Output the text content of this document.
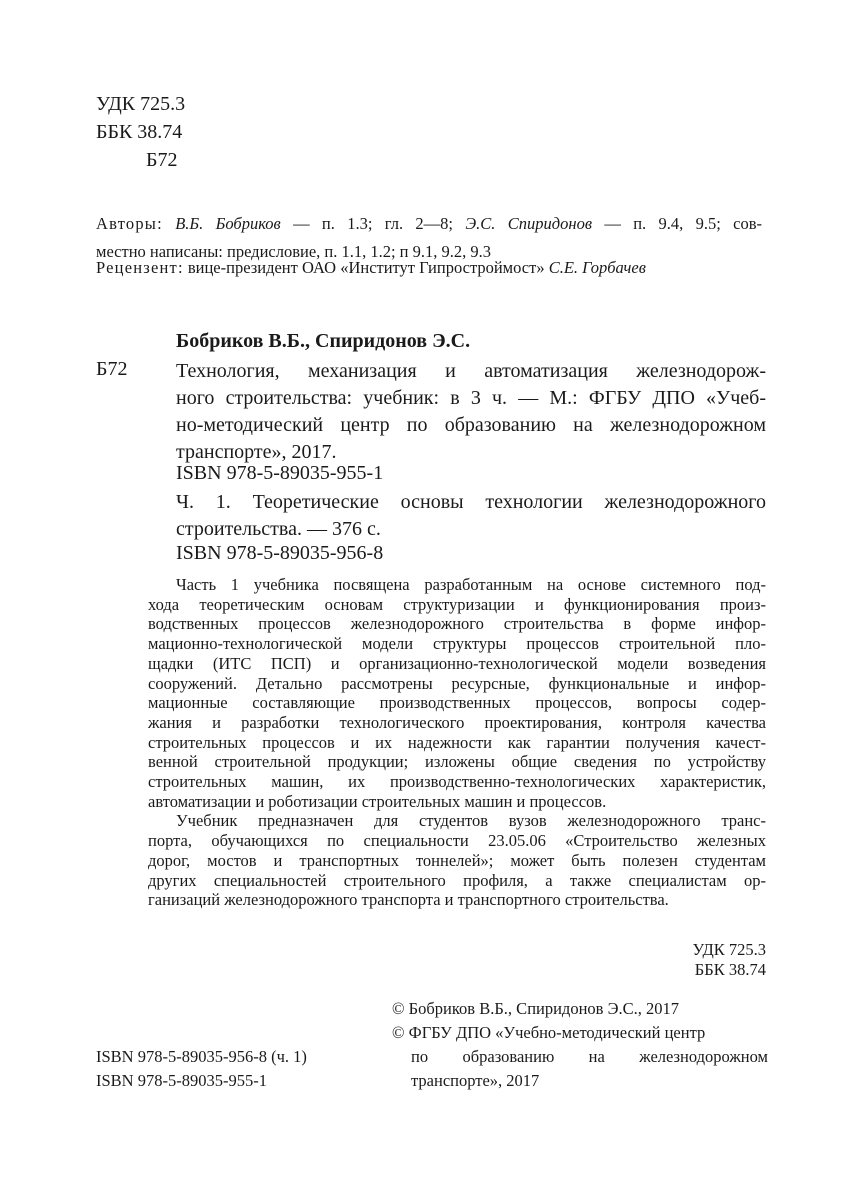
УДК 725.3
ББК 38.74
Б72
Авторы: В.Б. Бобриков — п. 1.3; гл. 2—8; Э.С. Спиридонов — п. 9.4, 9.5; сов-
местно написаны: предисловие, п. 1.1, 1.2; п 9.1, 9.2, 9.3
Рецензент: вице-президент ОАО «Институт Гипростроймост» С.Е. Горбачев
Бобриков В.Б., Спиридонов Э.С.
Б72 Технология, механизация и автоматизация железнодорож-
ного строительства: учебник: в 3 ч. — М.: ФГБУ ДПО «Учеб-
но-методический центр по образованию на железнодорожном
транспорте», 2017.
ISBN 978-5-89035-955-1
Ч. 1. Теоретические основы технологии железнодорожного
строительства. — 376 с.
ISBN 978-5-89035-956-8
Часть 1 учебника посвящена разработанным на основе системного под-
хода теоретическим основам структуризации и функционирования произ-
водственных процессов железнодорожного строительства в форме инфор-
мационно-технологической модели структуры процессов строительной пло-
щадки (ИТС ПСП) и организационно-технологической модели возведения
сооружений. Детально рассмотрены ресурсные, функциональные и инфор-
мационные составляющие производственных процессов, вопросы содер-
жания и разработки технологического проектирования, контроля качества
строительных процессов и их надежности как гарантии получения качест-
венной строительной продукции; изложены общие сведения по устройству
строительных машин, их производственно-технологических характеристик,
автоматизации и роботизации строительных машин и процессов.
Учебник предназначен для студентов вузов железнодорожного транс-
порта, обучающихся по специальности 23.05.06 «Строительство железных
дорог, мостов и транспортных тоннелей»; может быть полезен студентам
других специальностей строительного профиля, а также специалистам ор-
ганизаций железнодорожного транспорта и транспортного строительства.
УДК 725.3
ББК 38.74
© Бобриков В.Б., Спиридонов Э.С., 2017
© ФГБУ ДПО «Учебно-методический центр
по образованию на железнодорожном
транспорте», 2017
ISBN 978-5-89035-956-8 (ч. 1)
ISBN 978-5-89035-955-1
